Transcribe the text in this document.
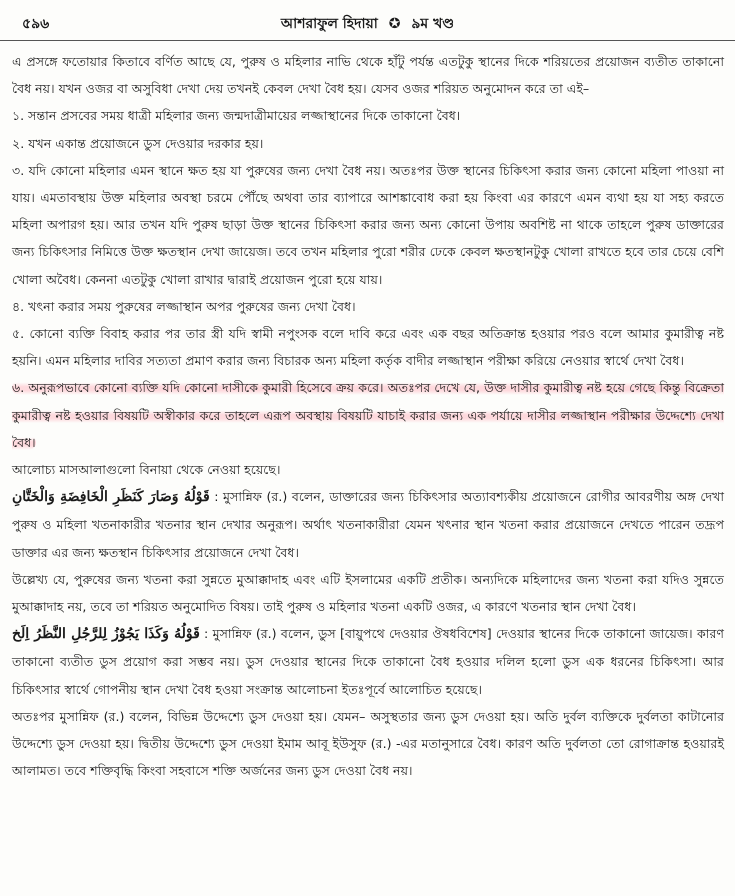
৫৯৬	আশরাফুল হিদায়া ✪ ৯ম খণ্ড

এ প্রসঙ্গে ফতোয়ার কিতাবে বর্ণিত আছে যে, পুরুষ ও মহিলার নাভি থেকে হাঁটু পর্যন্ত এতটুকু স্থানের দিকে শরিয়তের প্রয়োজন ব্যতীত তাকানো বৈধ নয়। যখন ওজর বা অসুবিধা দেখা দেয় তখনই কেবল দেখা বৈধ হয়। যেসব ওজর শরিয়ত অনুমোদন করে তা এই–

১. সন্তান প্রসবের সময় ধাত্রী মহিলার জন্য জন্মদাত্রীমায়ের লজ্জাস্থানের দিকে তাকানো বৈধ।

২. যখন একান্ত প্রয়োজনে ডুস দেওয়ার দরকার হয়।

৩. যদি কোনো মহিলার এমন স্থানে ক্ষত হয় যা পুরুষের জন্য দেখা বৈধ নয়। অতঃপর উক্ত স্থানের চিকিৎসা করার জন্য কোনো মহিলা পাওয়া না যায়। এমতাবস্থায় উক্ত মহিলার অবস্থা চরমে পৌঁছে অথবা তার ব্যাপারে আশঙ্কাবোধ করা হয় কিংবা এর কারণে এমন ব্যথা হয় যা সহ্য করতে মহিলা অপারগ হয়। আর তখন যদি পুরুষ ছাড়া উক্ত স্থানের চিকিৎসা করার জন্য অন্য কোনো উপায় অবশিষ্ট না থাকে তাহলে পুরুষ ডাক্তারের জন্য চিকিৎসার নিমিত্তে উক্ত ক্ষতস্থান দেখা জায়েজ। তবে তখন মহিলার পুরো শরীর ঢেকে কেবল ক্ষতস্থানটুকু খোলা রাখতে হবে তার চেয়ে বেশি খোলা অবৈধ। কেননা এতটুকু খোলা রাখার দ্বারাই প্রয়োজন পুরো হয়ে যায়।

৪. খৎনা করার সময় পুরুষের লজ্জাস্থান অপর পুরুষের জন্য দেখা বৈধ।

৫. কোনো ব্যক্তি বিবাহ করার পর তার স্ত্রী যদি স্বামী নপুংসক বলে দাবি করে এবং এক বছর অতিক্রান্ত হওয়ার পরও বলে আমার কুমারীত্ব নষ্ট হয়নি। এমন মহিলার দাবির সত্যতা প্রমাণ করার জন্য বিচারক অন্য মহিলা কর্তৃক বাদীর লজ্জাস্থান পরীক্ষা করিয়ে নেওয়ার স্বার্থে দেখা বৈধ।

৬. অনুরূপভাবে কোনো ব্যক্তি যদি কোনো দাসীকে কুমারী হিসেবে ক্রয় করে। অতঃপর দেখে যে, উক্ত দাসীর কুমারীত্ব নষ্ট হয়ে গেছে কিন্তু বিক্রেতা কুমারীত্ব নষ্ট হওয়ার বিষয়টি অস্বীকার করে তাহলে এরূপ অবস্থায় বিষয়টি যাচাই করার জন্য এক পর্যায়ে দাসীর লজ্জাস্থান পরীক্ষার উদ্দেশ্যে দেখা বৈধ।

আলোচ্য মাসআলাগুলো বিনায়া থেকে নেওয়া হয়েছে।

قَوْلُهُ وَصَارَ كَنَظَرِ الْخَافِضَةِ وَالْخَتَّانِ : মুসান্নিফ (র.) বলেন, ডাক্তারের জন্য চিকিৎসার অত্যাবশ্যকীয় প্রয়োজনে রোগীর আবরণীয় অঙ্গ দেখা পুরুষ ও মহিলা খতনাকারীর খতনার স্থান দেখার অনুরূপ। অর্থাৎ খতনাকারীরা যেমন খৎনার স্থান খতনা করার প্রয়োজনে দেখতে পারেন তদ্রূপ ডাক্তার এর জন্য ক্ষতস্থান চিকিৎসার প্রয়োজনে দেখা বৈধ।

উল্লেখ্য যে, পুরুষের জন্য খতনা করা সুন্নতে মুআক্কাদাহ এবং এটি ইসলামের একটি প্রতীক। অন্যদিকে মহিলাদের জন্য খতনা করা যদিও সুন্নতে মুআক্কাদাহ নয়, তবে তা শরিয়ত অনুমোদিত বিষয়। তাই পুরুষ ও মহিলার খতনা একটি ওজর, এ কারণে খতনার স্থান দেখা বৈধ।

قَوْلُهُ وَكَذَا يَجُوْزُ لِلرَّجُلِ النَّظَرُ اِلَخ : মুসান্নিফ (র.) বলেন, ডুস [বায়ুপথে দেওয়ার ঔষধবিশেষ] দেওয়ার স্থানের দিকে তাকানো জায়েজ। কারণ তাকানো ব্যতীত ডুস প্রয়োগ করা সম্ভব নয়। ডুস দেওয়ার স্থানের দিকে তাকানো বৈধ হওয়ার দলিল হলো ডুস এক ধরনের চিকিৎসা। আর চিকিৎসার স্বার্থে গোপনীয় স্থান দেখা বৈধ হওয়া সংক্রান্ত আলোচনা ইতঃপূর্বে আলোচিত হয়েছে।

অতঃপর মুসান্নিফ (র.) বলেন, বিভিন্ন উদ্দেশ্যে ডুস দেওয়া হয়। যেমন– অসুস্থতার জন্য ডুস দেওয়া হয়। অতি দুর্বল ব্যক্তিকে দুর্বলতা কাটানোর উদ্দেশ্যে ডুস দেওয়া হয়। দ্বিতীয় উদ্দেশ্যে ডুস দেওয়া ইমাম আবূ ইউসুফ (র.) -এর মতানুসারে বৈধ। কারণ অতি দুর্বলতা তো রোগাক্রান্ত হওয়ারই আলামত। তবে শক্তিবৃদ্ধি কিংবা সহবাসে শক্তি অর্জনের জন্য ডুস দেওয়া বৈধ নয়।
